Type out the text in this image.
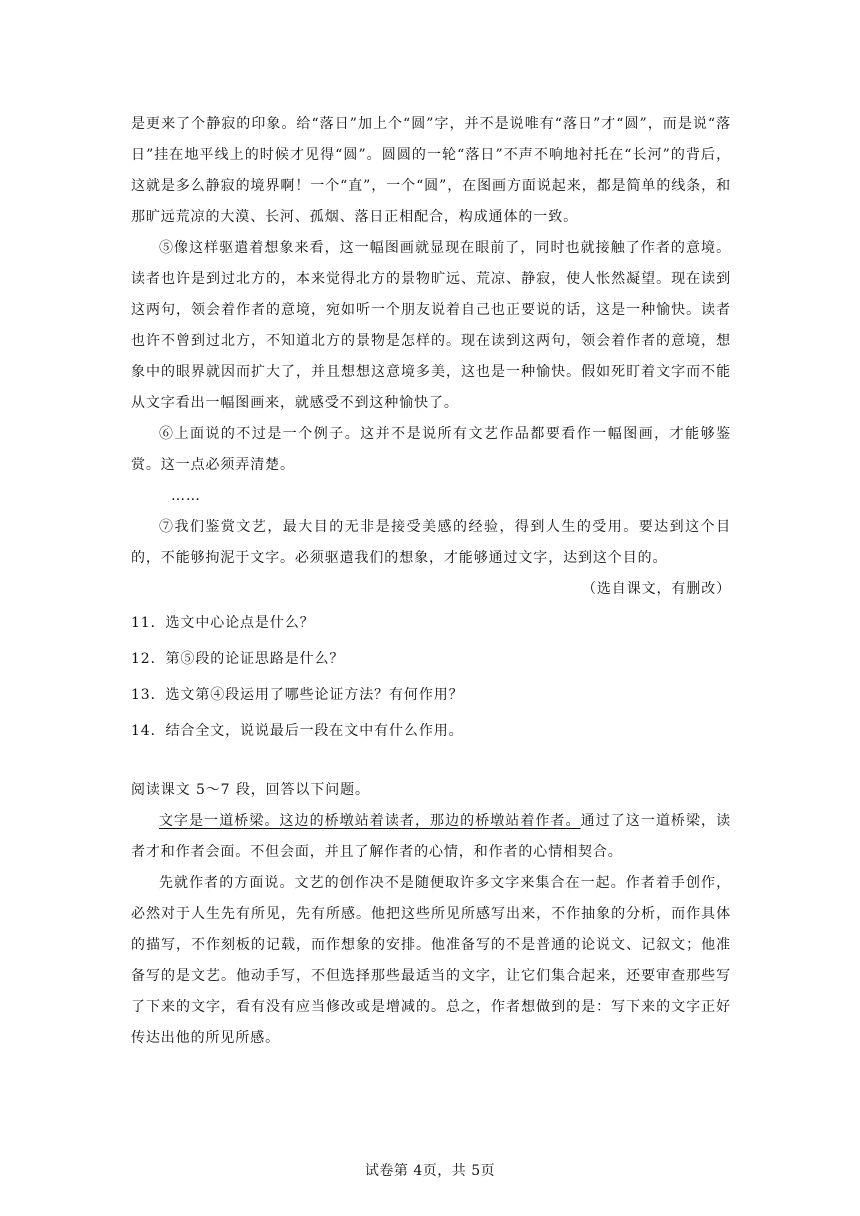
是更来了个静寂的印象。给“落日”加上个“圆”字，并不是说唯有“落日”才“圆”，而是说“落日”挂在地平线上的时候才见得“圆”。圆圆的一轮“落日”不声不响地衬托在“长河”的背后，这就是多么静寂的境界啊！一个“直”，一个“圆”，在图画方面说起来，都是简单的线条，和那旷远荒凉的大漠、长河、孤烟、落日正相配合，构成通体的一致。

⑤像这样驱遣着想象来看，这一幅图画就显现在眼前了，同时也就接触了作者的意境。读者也许是到过北方的，本来觉得北方的景物旷远、荒凉、静寂，使人怅然凝望。现在读到这两句，领会着作者的意境，宛如听一个朋友说着自己也正要说的话，这是一种愉快。读者也许不曾到过北方，不知道北方的景物是怎样的。现在读到这两句，领会着作者的意境，想象中的眼界就因而扩大了，并且想想这意境多美，这也是一种愉快。假如死盯着文字而不能从文字看出一幅图画来，就感受不到这种愉快了。

⑥上面说的不过是一个例子。这并不是说所有文艺作品都要看作一幅图画，才能够鉴赏。这一点必须弄清楚。

……

⑦我们鉴赏文艺，最大目的无非是接受美感的经验，得到人生的受用。要达到这个目的，不能够拘泥于文字。必须驱遣我们的想象，才能够通过文字，达到这个目的。

（选自课文，有删改）

11．选文中心论点是什么？

12．第⑤段的论证思路是什么？

13．选文第④段运用了哪些论证方法？有何作用？

14．结合全文，说说最后一段在文中有什么作用。

阅读课文 5～7 段，回答以下问题。

文字是一道桥梁。这边的桥墩站着读者，那边的桥墩站着作者。通过了这一道桥梁，读者才和作者会面。不但会面，并且了解作者的心情，和作者的心情相契合。

先就作者的方面说。文艺的创作决不是随便取许多文字来集合在一起。作者着手创作，必然对于人生先有所见，先有所感。他把这些所见所感写出来，不作抽象的分析，而作具体的描写，不作刻板的记载，而作想象的安排。他准备写的不是普通的论说文、记叙文；他准备写的是文艺。他动手写，不但选择那些最适当的文字，让它们集合起来，还要审查那些写了下来的文字，看有没有应当修改或是增减的。总之，作者想做到的是：写下来的文字正好传达出他的所见所感。

试卷第 4页，共 5页
